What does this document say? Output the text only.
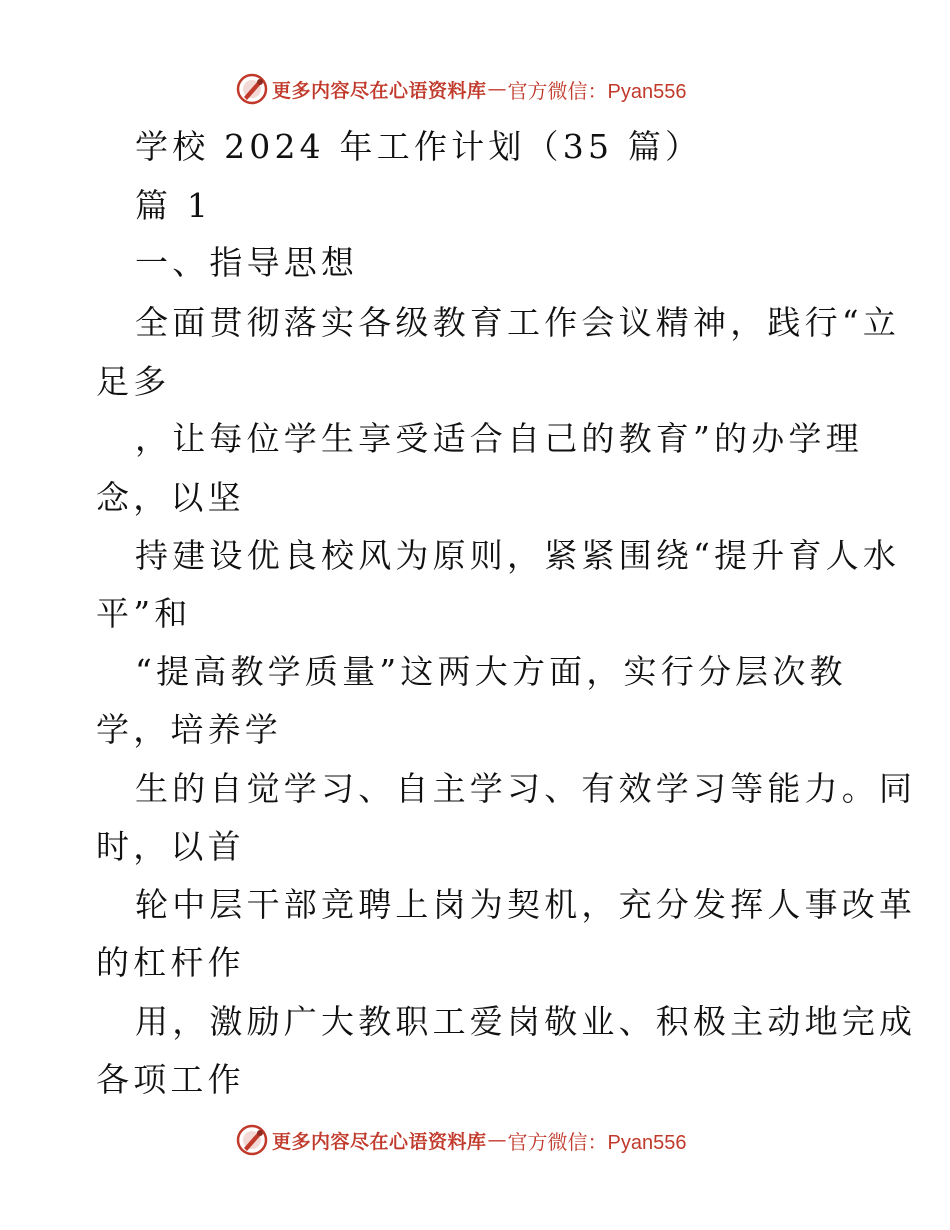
更多内容尽在心语资料库 — 官方微信：Pyan556
学校 2024 年工作计划（35 篇）
篇 1
一、指导思想
全面贯彻落实各级教育工作会议精神，践行“立
足多
，让每位学生享受适合自己的教育”的办学理
念，以坚
持建设优良校风为原则，紧紧围绕“提升育人水
平”和
“提高教学质量”这两大方面，实行分层次教
学，培养学
生的自觉学习、自主学习、有效学习等能力。同
时，以首
轮中层干部竞聘上岗为契机，充分发挥人事改革
的杠杆作
用，激励广大教职工爱岗敬业、积极主动地完成
各项工作
更多内容尽在心语资料库 — 官方微信：Pyan556
